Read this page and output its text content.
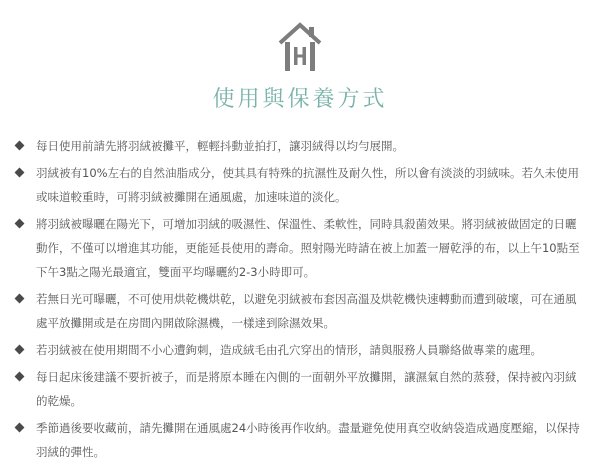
使用與保養方式
每日使用前請先將羽絨被攤平，輕輕抖動並拍打，讓羽絨得以均勻展開。
羽絨被有10%左右的自然油脂成分，使其具有特殊的抗濕性及耐久性，所以會有淡淡的羽絨味。若久未使用或味道較重時，可將羽絨被攤開在通風處，加速味道的淡化。
將羽絨被曝曬在陽光下，可增加羽絨的吸濕性、保溫性、柔軟性，同時具殺菌效果。將羽絨被做固定的日曬動作，不僅可以增進其功能，更能延長使用的壽命。照射陽光時請在被上加蓋一層乾淨的布，以上午10點至下午3點之陽光最適宜，雙面平均曝曬約2-3小時即可。
若無日光可曝曬，不可使用烘乾機烘乾，以避免羽絨被布套因高溫及烘乾機快速轉動而遭到破壞，可在通風處平放攤開或是在房間內開啟除濕機，一樣達到除濕效果。
若羽絨被在使用期間不小心遭鉤刺，造成絨毛由孔穴穿出的情形，請與服務人員聯絡做專業的處理。
每日起床後建議不要折被子，而是將原本睡在內側的一面朝外平放攤開，讓濕氣自然的蒸發，保持被內羽絨的乾燥。
季節過後要收藏前，請先攤開在通風處24小時後再作收納。盡量避免使用真空收納袋造成過度壓縮，以保持羽絨的彈性。
